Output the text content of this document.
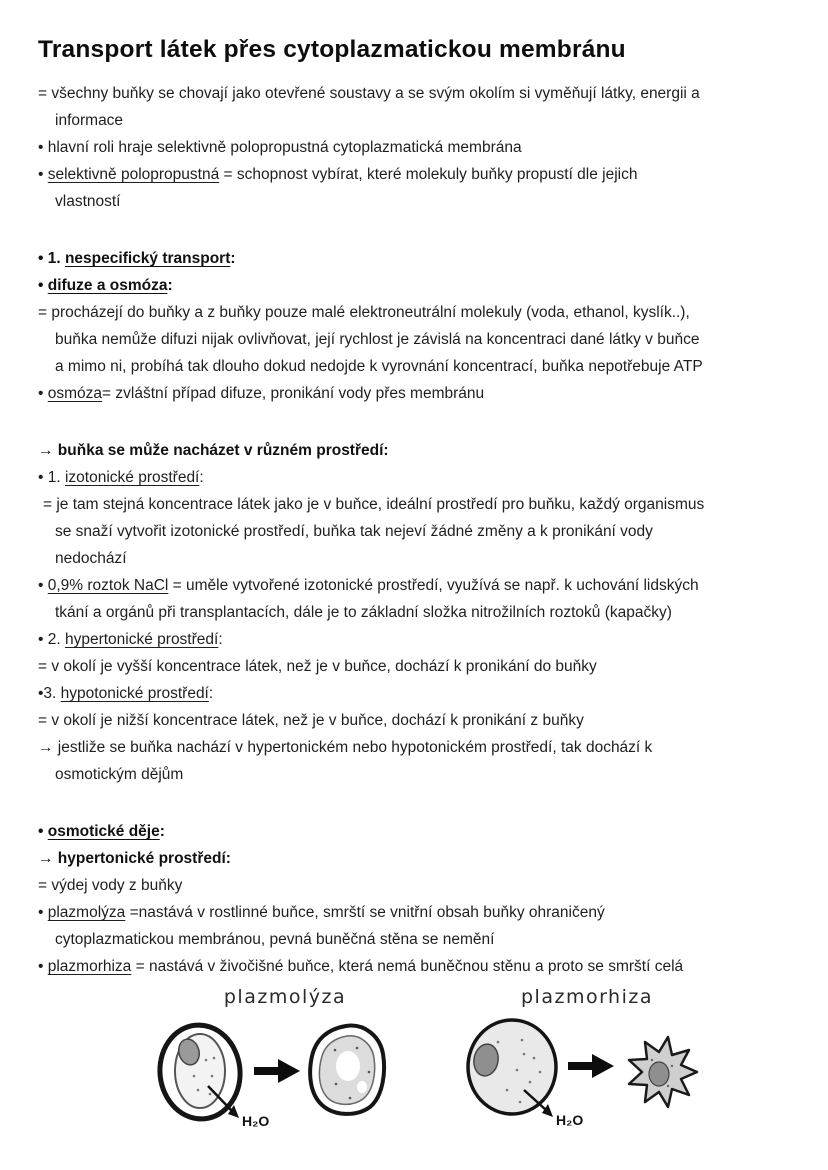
Transport látek přes cytoplazmatickou membránu
= všechny buňky se chovají jako otevřené soustavy a se svým okolím si vyměňují látky, energii a
informace
• hlavní roli hraje selektivně polopropustná cytoplazmatická membrána
• selektivně polopropustná = schopnost vybírat, které molekuly buňky propustí dle jejich
vlastností
• 1. nespecifický transport:
• difuze a osmóza:
= procházejí do buňky a z buňky pouze malé elektroneutrální molekuly (voda, ethanol, kyslík..),
buňka nemůže difuzi nijak ovlivňovat, její rychlost je závislá na koncentraci dané látky v buňce
a mimo ni, probíhá tak dlouho dokud nedojde k vyrovnání koncentrací, buňka nepotřebuje ATP
• osmóza= zvláštní případ difuze, pronikání vody přes membránu
→ buňka se může nacházet v různém prostředí:
• 1. izotonické prostředí:
= je tam stejná koncentrace látek jako je v buňce, ideální prostředí pro buňku, každý organismus
se snaží vytvořit izotonické prostředí, buňka tak nejeví žádné změny a k pronikání vody
nedochází
• 0,9% roztok NaCl = uměle vytvořené izotonické prostředí, využívá se např. k uchování lidských
tkání a orgánů při transplantacích, dále je to základní složka nitrožilních roztoků (kapačky)
• 2. hypertonické prostředí:
= v okolí je vyšší koncentrace látek, než je v buňce, dochází k pronikání do buňky
•3. hypotonické prostředí:
= v okolí je nižší koncentrace látek, než je v buňce, dochází k pronikání z buňky
→ jestliže se buňka nachází v hypertonickém nebo hypotonickém prostředí, tak dochází k
osmotickým dějům
• osmotické děje:
→ hypertonické prostředí:
= výdej vody z buňky
• plazmolýza =nastává v rostlinné buňce, smrští se vnitřní obsah buňky ohraničený
cytoplazmatickou membránou, pevná buněčná stěna se nemění
• plazmorhiza = nastává v živočišné buňce, která nemá buněčnou stěnu a proto se smrští celá
plazmolýza
H₂O
plazmorhiza
H₂O
